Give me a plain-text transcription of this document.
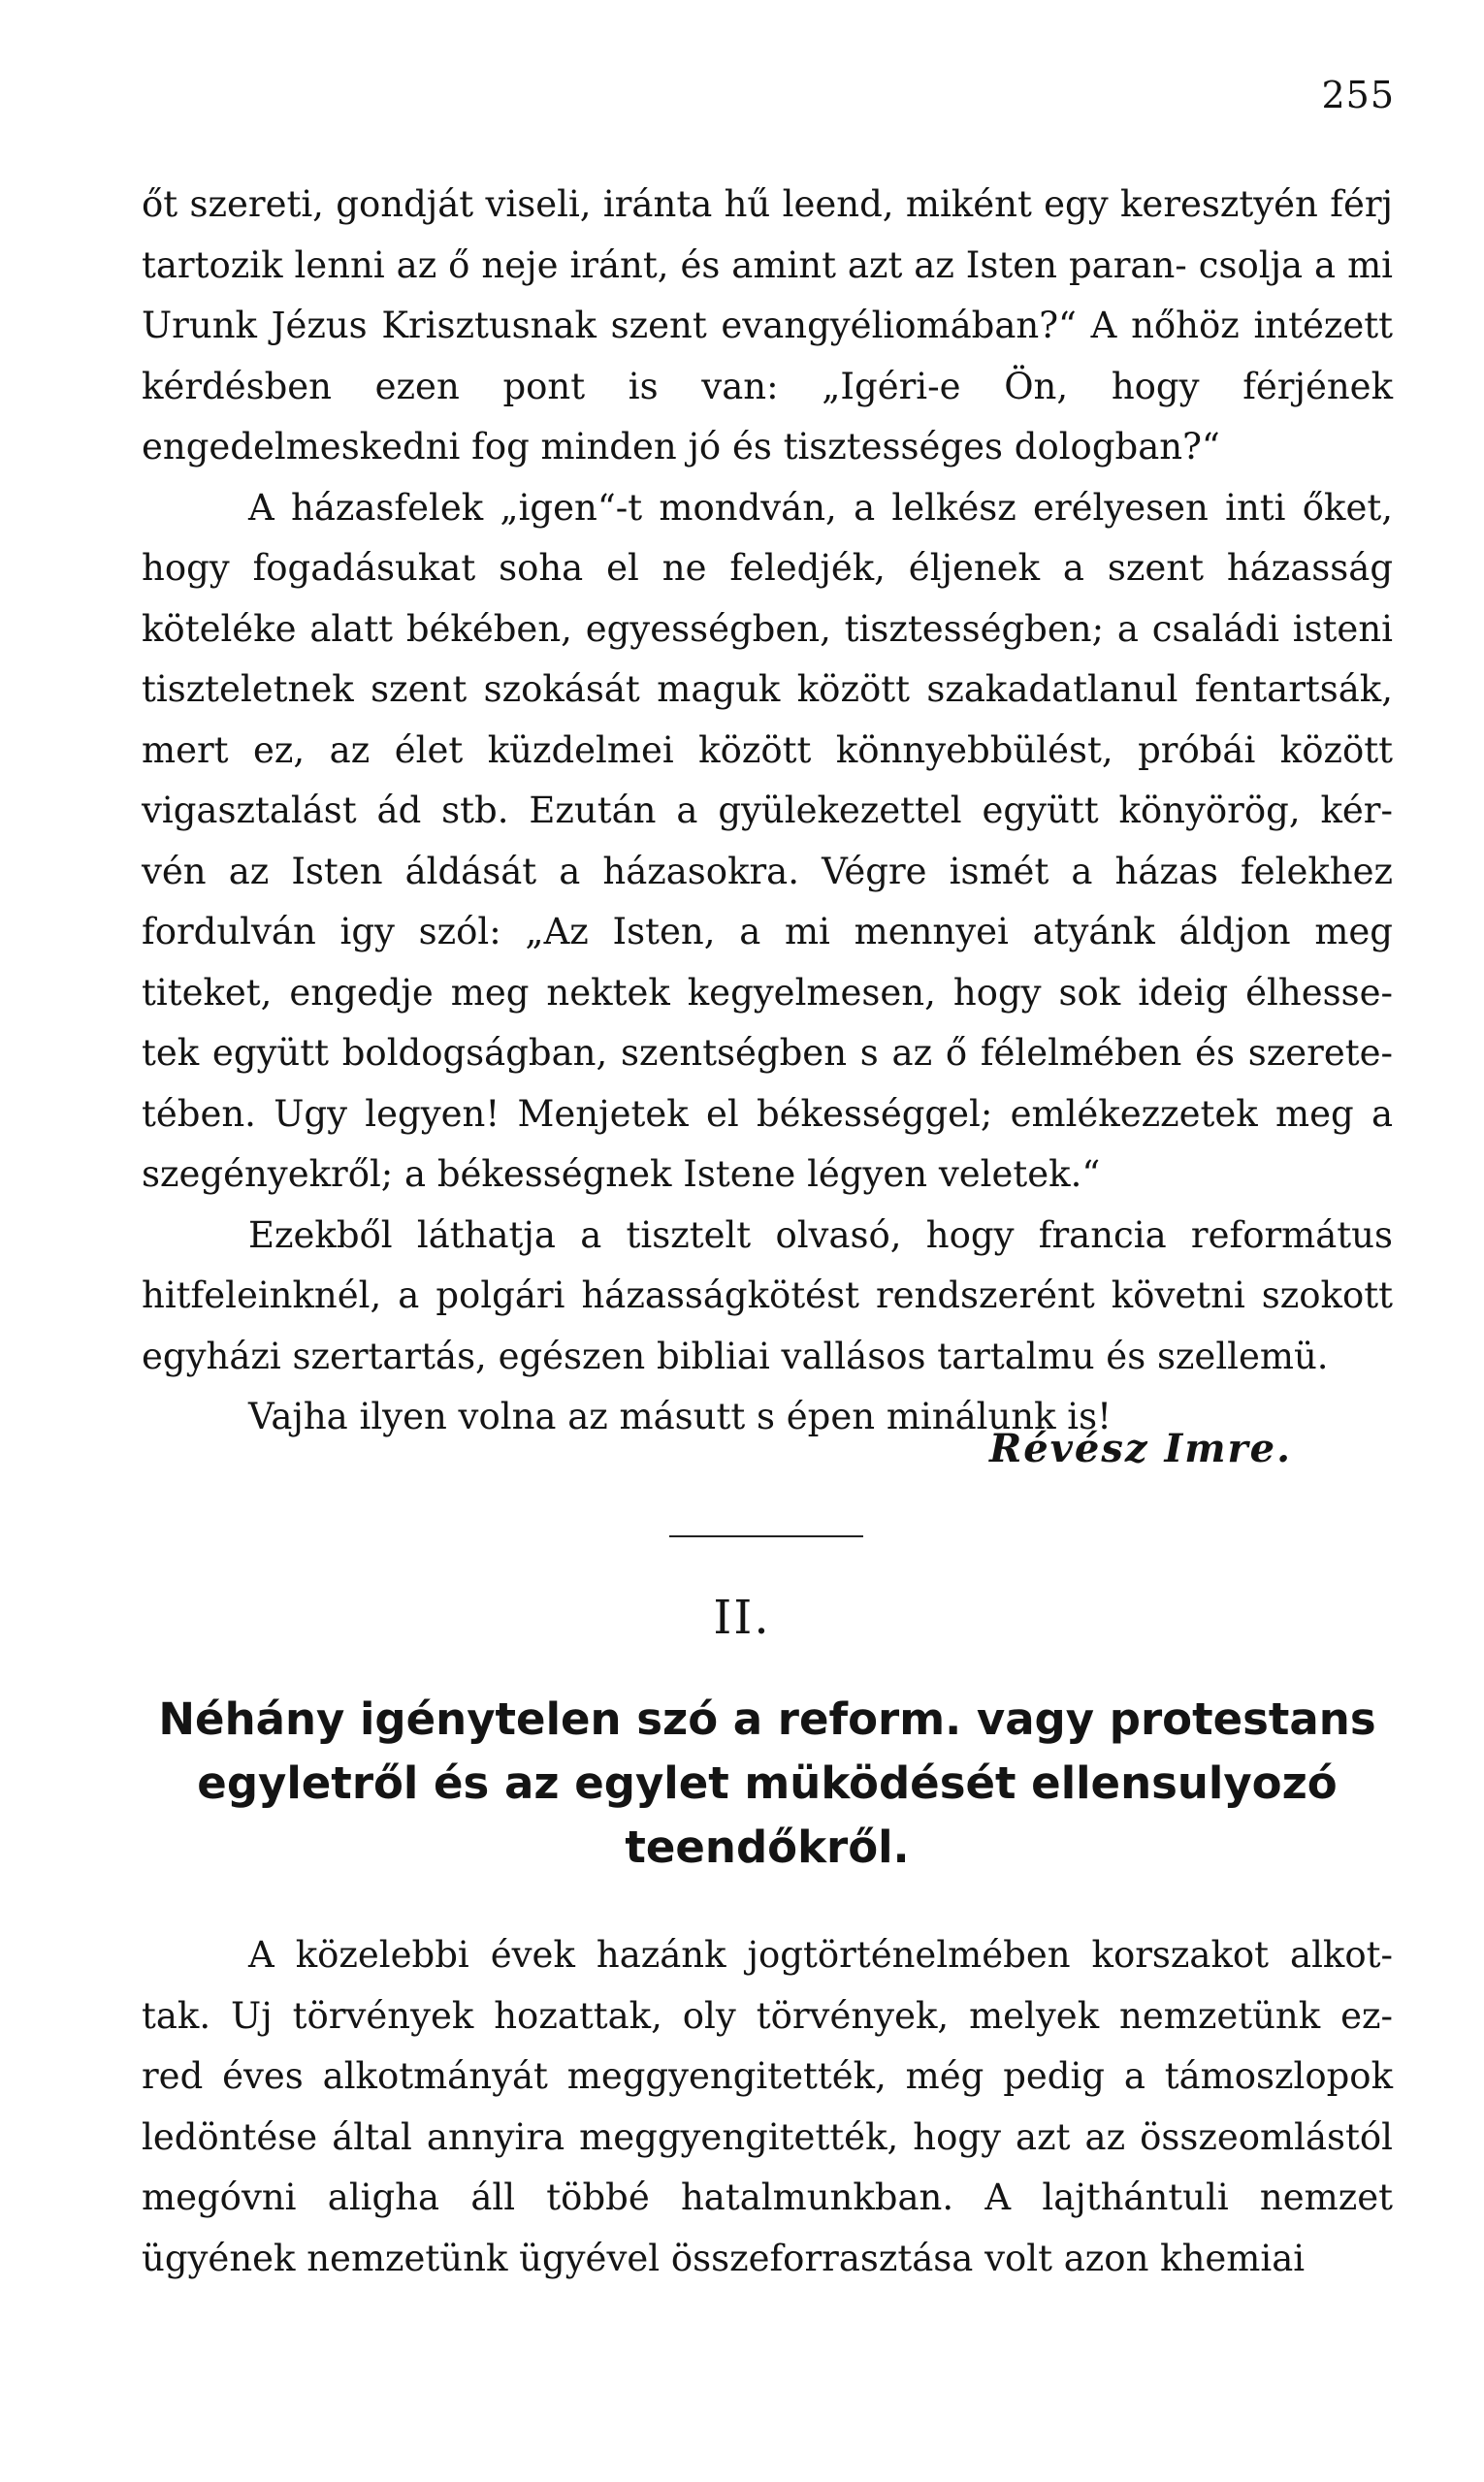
255

őt szereti, gondját viseli, iránta hű leend, miként egy keresztyén férj tartozik lenni az ő neje iránt, és amint azt az Isten paran- csolja a mi Urunk Jézus Krisztusnak szent evangyéliomában?“ A nőhöz intézett kérdésben ezen pont is van: „Igéri-e Ön, hogy férjének engedelmeskedni fog minden jó és tisztességes dologban?“

A házasfelek „igen“-t mondván, a lelkész erélyesen inti őket, hogy fogadásukat soha el ne feledjék, éljenek a szent házasság köteléke alatt békében, egyességben, tisztességben; a családi isteni tiszteletnek szent szokását maguk között szakadatlanul fentartsák, mert ez, az élet küzdelmei között könnyebbülést, próbái között vigasztalást ád stb. Ezután a gyülekezettel együtt könyörög, kér- vén az Isten áldását a házasokra. Végre ismét a házas felekhez fordulván igy szól: „Az Isten, a mi mennyei atyánk áldjon meg titeket, engedje meg nektek kegyelmesen, hogy sok ideig élhesse- tek együtt boldogságban, szentségben s az ő félelmében és szerete- tében. Ugy legyen! Menjetek el békességgel; emlékezzetek meg a szegényekről; a békességnek Istene légyen veletek.“

Ezekből láthatja a tisztelt olvasó, hogy francia református hitfeleinknél, a polgári házasságkötést rendszerént követni szokott egyházi szertartás, egészen bibliai vallásos tartalmu és szellemü.

Vajha ilyen volna az másutt s épen minálunk is!

Révész Imre.
II.
Néhány igénytelen szó a reform. vagy protestans
egyletről és az egylet müködését ellensulyozó
teendőkről.

A közelebbi évek hazánk jogtörténelmében korszakot alkot- tak. Uj törvények hozattak, oly törvények, melyek nemzetünk ez- red éves alkotmányát meggyengitették, még pedig a támoszlopok ledöntése által annyira meggyengitették, hogy azt az összeomlástól megóvni aligha áll többé hatalmunkban. A lajthántuli nemzet ügyének nemzetünk ügyével összeforrasztása volt azon khemiai
